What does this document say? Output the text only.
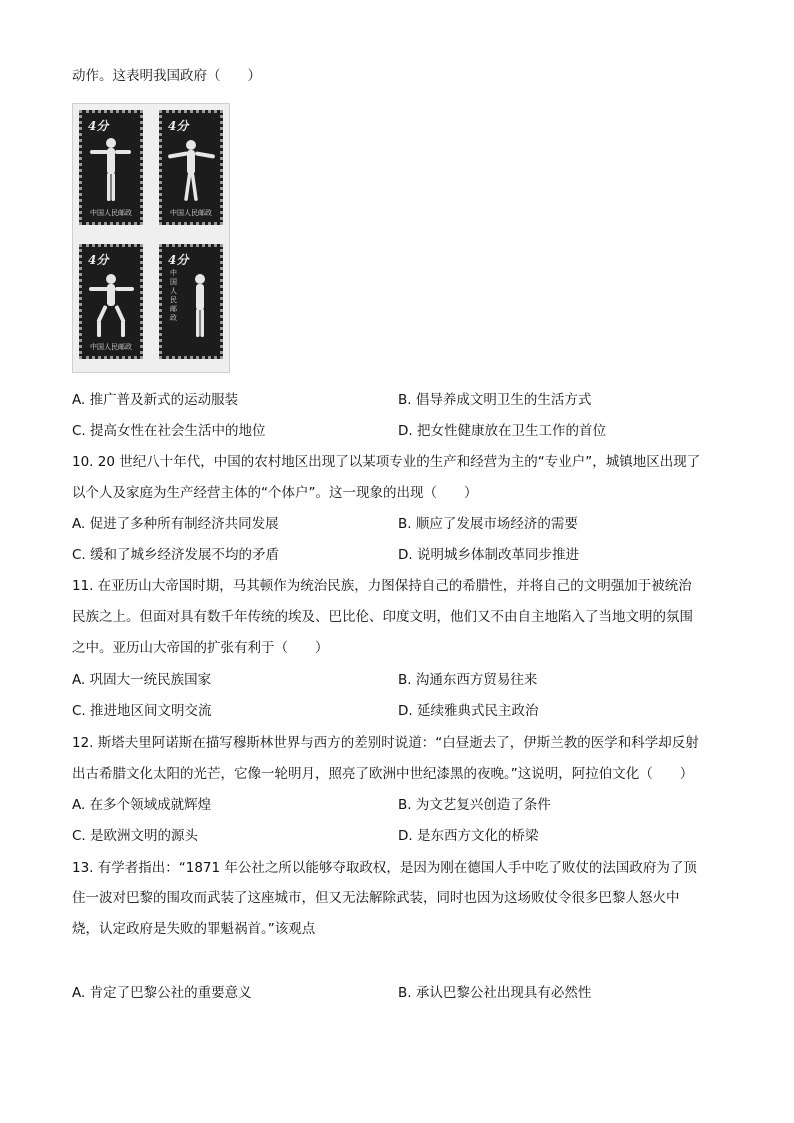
动作。这表明我国政府（　　）
4分
中国人民邮政
4分
中国人民邮政
4分
中国人民邮政
4分
中国人民邮政
A. 推广普及新式的运动服装	B. 倡导养成文明卫生的生活方式
C. 提高女性在社会生活中的地位	D. 把女性健康放在卫生工作的首位
10. 20 世纪八十年代，中国的农村地区出现了以某项专业的生产和经营为主的“专业户”，城镇地区出现了
以个人及家庭为生产经营主体的“个体户”。这一现象的出现（　　）
A. 促进了多种所有制经济共同发展	B. 顺应了发展市场经济的需要
C. 缓和了城乡经济发展不均的矛盾	D. 说明城乡体制改革同步推进
11. 在亚历山大帝国时期，马其顿作为统治民族，力图保持自己的希腊性，并将自己的文明强加于被统治
民族之上。但面对具有数千年传统的埃及、巴比伦、印度文明，他们又不由自主地陷入了当地文明的氛围
之中。亚历山大帝国的扩张有利于（　　）
A. 巩固大一统民族国家	B. 沟通东西方贸易往来
C. 推进地区间文明交流	D. 延续雅典式民主政治
12. 斯塔夫里阿诺斯在描写穆斯林世界与西方的差别时说道：“白昼逝去了，伊斯兰教的医学和科学却反射
出古希腊文化太阳的光芒，它像一轮明月，照亮了欧洲中世纪漆黑的夜晚。”这说明，阿拉伯文化（　　）
A. 在多个领域成就辉煌	B. 为文艺复兴创造了条件
C. 是欧洲文明的源头	D. 是东西方文化的桥梁
13. 有学者指出：“1871 年公社之所以能够夺取政权，是因为刚在德国人手中吃了败仗的法国政府为了顶
住一波对巴黎的围攻而武装了这座城市，但又无法解除武装，同时也因为这场败仗令很多巴黎人怒火中
烧，认定政府是失败的罪魁祸首。”该观点
A. 肯定了巴黎公社的重要意义	B. 承认巴黎公社出现具有必然性
